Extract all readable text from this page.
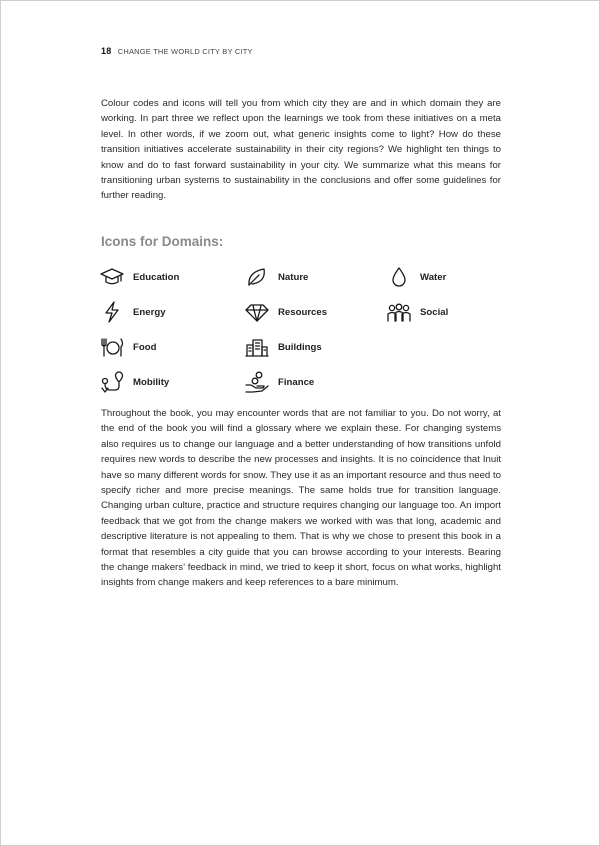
18 CHANGE THE WORLD CITY BY CITY
Colour codes and icons will tell you from which city they are and in which domain they are working. In part three we reflect upon the learnings we took from these initiatives on a meta level. In other words, if we zoom out, what generic insights come to light? How do these transition initiatives accelerate sustainability in their city regions? We highlight ten things to know and do to fast forward sustainability in your city. We summarize what this means for transitioning urban systems to sustainability in the conclusions and offer some guidelines for further reading.
Icons for Domains:
Education	Nature	Water
Energy	Resources	Social
Food	Buildings
Mobility	Finance
Throughout the book, you may encounter words that are not familiar to you. Do not worry, at the end of the book you will find a glossary where we explain these. For changing systems also requires us to change our language and a better understanding of how transitions unfold requires new words to describe the new processes and insights. It is no coincidence that Inuit have so many different words for snow. They use it as an important resource and thus need to specify richer and more precise meanings. The same holds true for transition language. Changing urban culture, practice and structure requires changing our language too. An import feedback that we got from the change makers we worked with was that long, academic and descriptive literature is not appealing to them. That is why we chose to present this book in a format that resembles a city guide that you can browse according to your interests. Bearing the change makers’ feedback in mind, we tried to keep it short, focus on what works, highlight insights from change makers and keep references to a bare minimum.
